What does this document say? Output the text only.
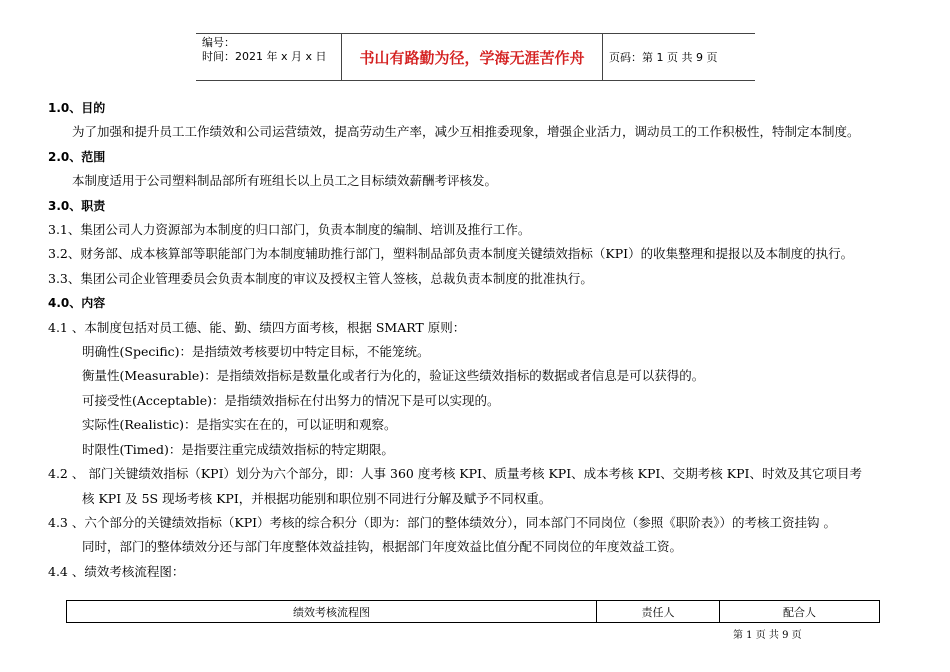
编号：
时间：2021 年 x 月 x 日	书山有路勤为径，学海无涯苦作舟	页码：第 1 页 共 9 页
1.0、目的
为了加强和提升员工工作绩效和公司运营绩效，提高劳动生产率，减少互相推委现象，增强企业活力，调动员工的工作积极性，特制定本制度。
2.0、范围
本制度适用于公司塑料制品部所有班组长以上员工之目标绩效薪酬考评核发。
3.0、职责
3.1、集团公司人力资源部为本制度的归口部门，负责本制度的编制、培训及推行工作。
3.2、财务部、成本核算部等职能部门为本制度辅助推行部门，塑料制品部负责本制度关键绩效指标（KPI）的收集整理和提报以及本制度的执行。
3.3、集团公司企业管理委员会负责本制度的审议及授权主管人签核，总裁负责本制度的批准执行。
4.0、内容
4.1 、本制度包括对员工德、能、勤、绩四方面考核，根据 SMART 原则：
明确性(Specific)：是指绩效考核要切中特定目标，不能笼统。
衡量性(Measurable)：是指绩效指标是数量化或者行为化的，验证这些绩效指标的数据或者信息是可以获得的。
可接受性(Acceptable)：是指绩效指标在付出努力的情况下是可以实现的。
实际性(Realistic)：是指实实在在的，可以证明和观察。
时限性(Timed)：是指要注重完成绩效指标的特定期限。
4.2 、 部门关键绩效指标（KPI）划分为六个部分，即：人事 360 度考核 KPI、质量考核 KPI、成本考核 KPI、交期考核 KPI、时效及其它项目考
核 KPI 及 5S 现场考核 KPI，并根据功能别和职位别不同进行分解及赋予不同权重。
4.3 、六个部分的关键绩效指标（KPI）考核的综合积分（即为：部门的整体绩效分），同本部门不同岗位（参照《职阶表》）的考核工资挂钩 。
同时，部门的整体绩效分还与部门年度整体效益挂钩，根据部门年度效益比值分配不同岗位的年度效益工资。
4.4 、绩效考核流程图：
绩效考核流程图	责任人	配合人
第 1 页 共 9 页
